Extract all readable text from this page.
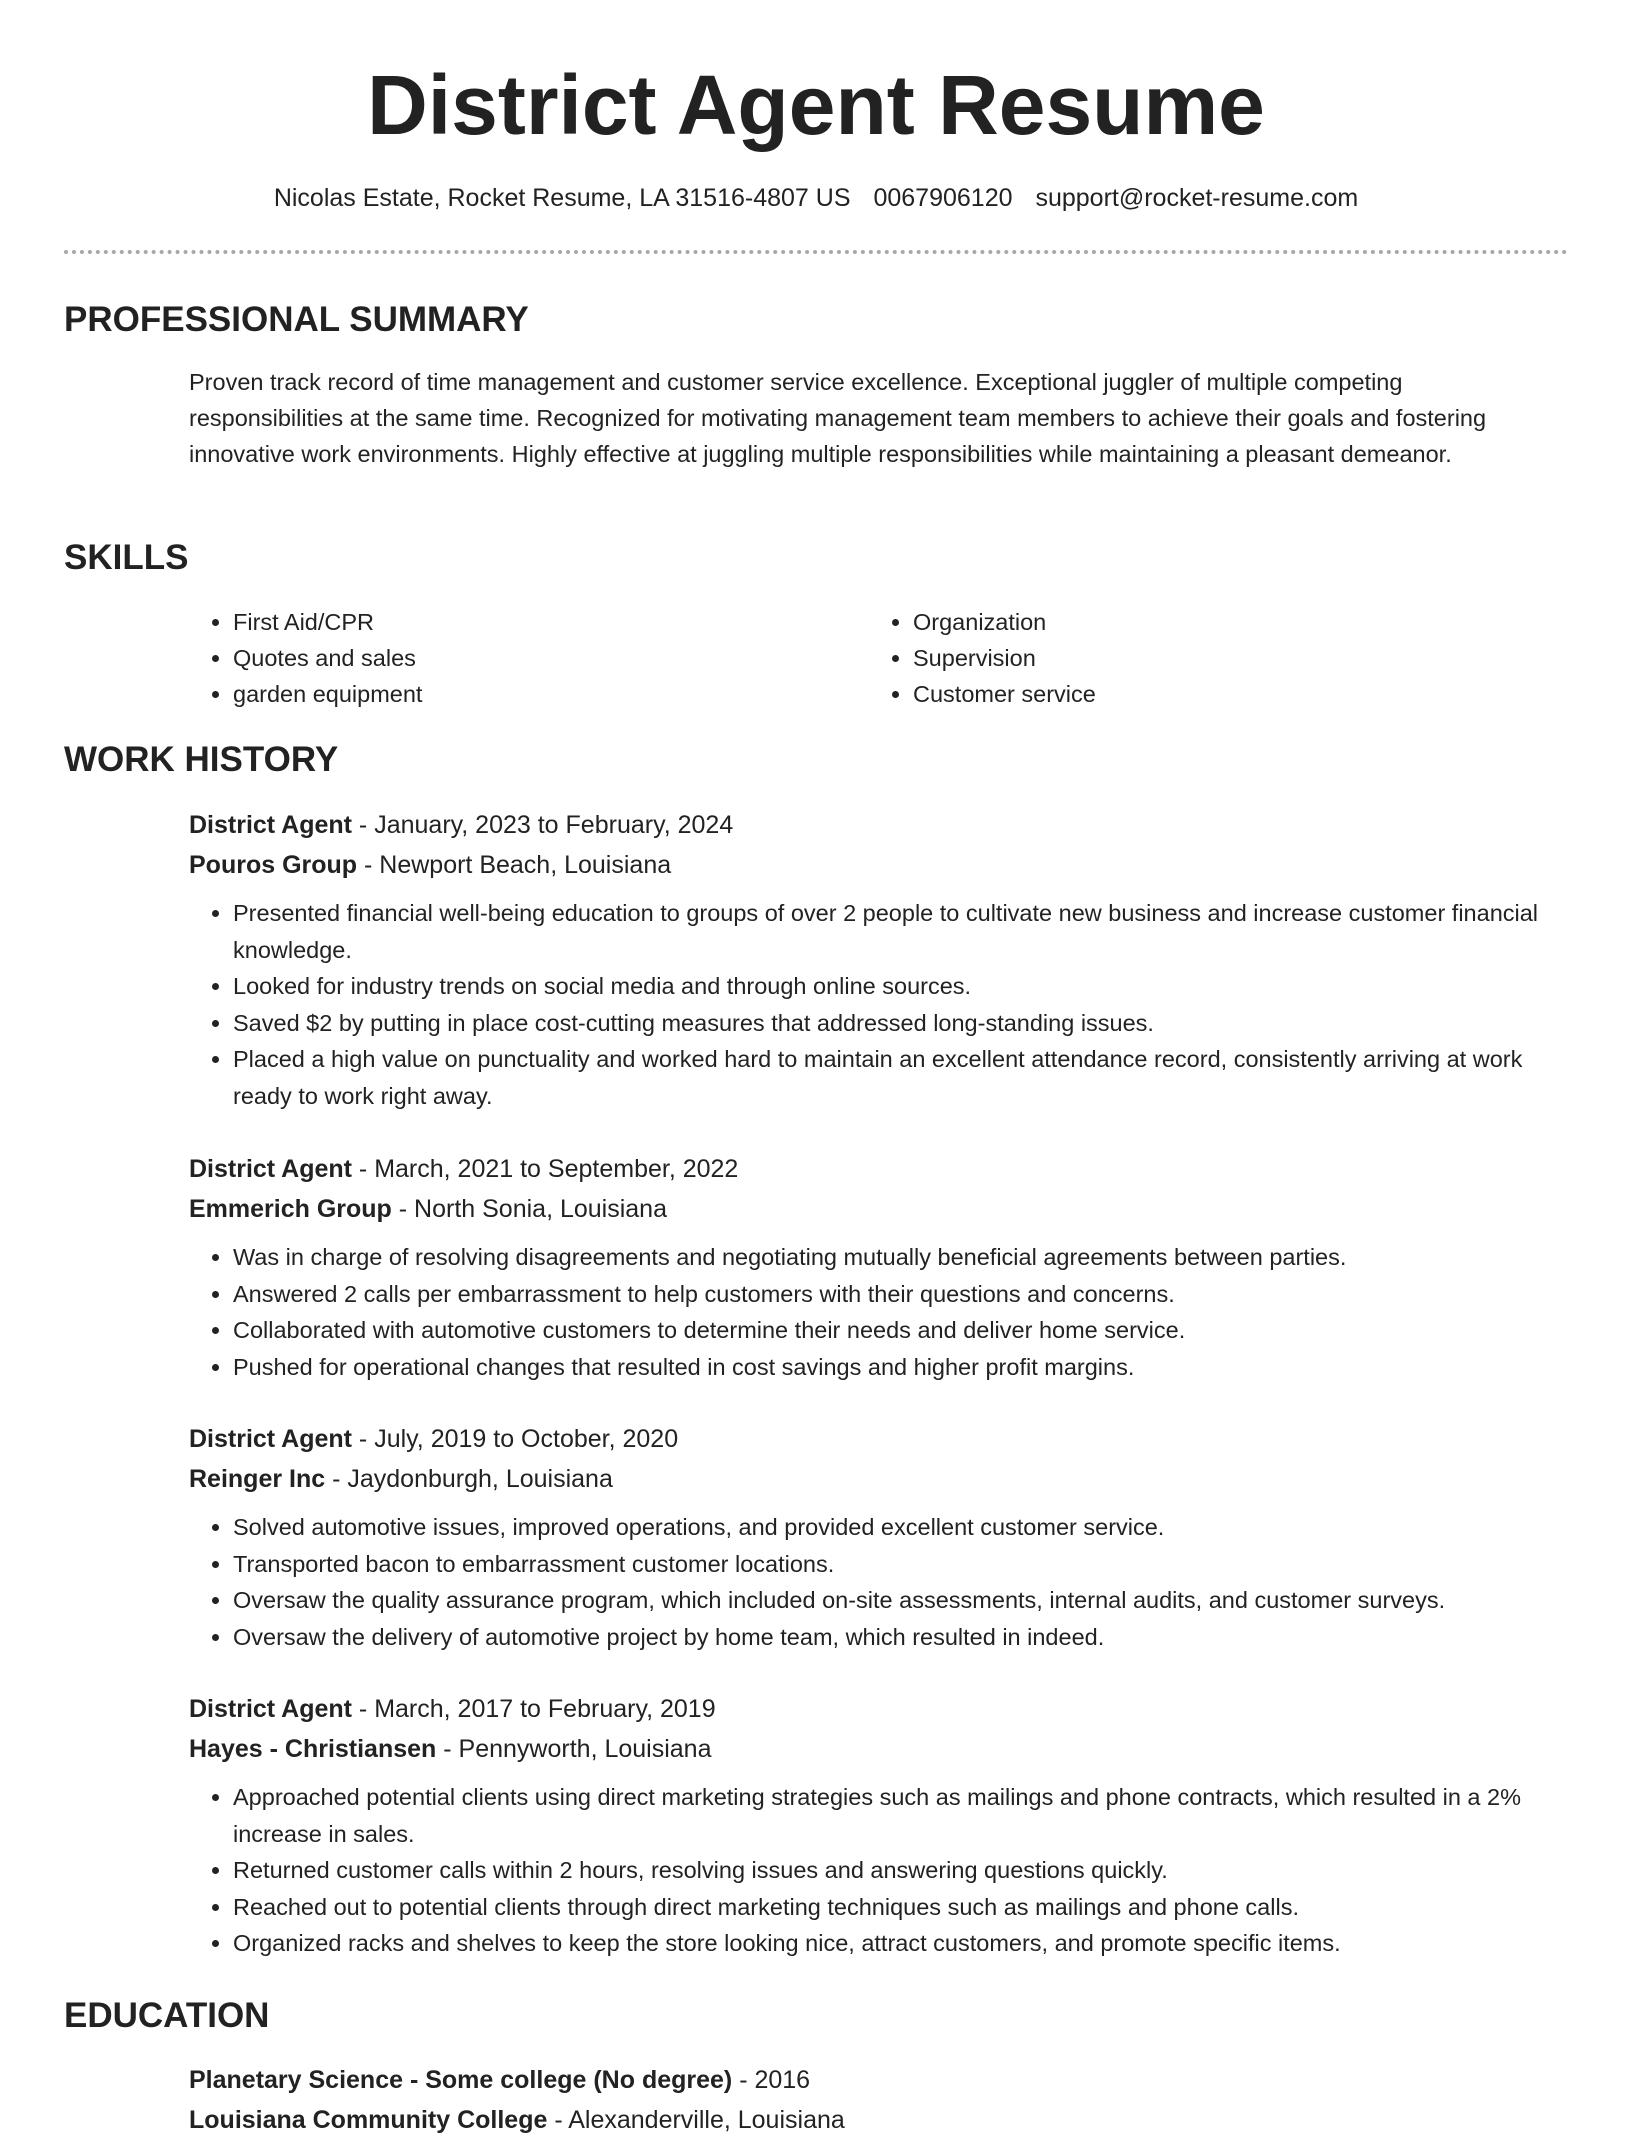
District Agent Resume
Nicolas Estate, Rocket Resume, LA 31516-4807 US 0067906120 support@rocket-resume.com
PROFESSIONAL SUMMARY

Proven track record of time management and customer service excellence. Exceptional juggler of multiple competing responsibilities at the same time. Recognized for motivating management team members to achieve their goals and fostering innovative work environments. Highly effective at juggling multiple responsibilities while maintaining a pleasant demeanor.

SKILLS
• First Aid/CPR
• Quotes and sales
• garden equipment
• Organization
• Supervision
• Customer service
WORK HISTORY
District Agent - January, 2023 to February, 2024
Pouros Group - Newport Beach, Louisiana
• Presented financial well-being education to groups of over 2 people to cultivate new business and increase customer financial knowledge.
• Looked for industry trends on social media and through online sources.
• Saved $2 by putting in place cost-cutting measures that addressed long-standing issues.
• Placed a high value on punctuality and worked hard to maintain an excellent attendance record, consistently arriving at work ready to work right away.
District Agent - March, 2021 to September, 2022
Emmerich Group - North Sonia, Louisiana
• Was in charge of resolving disagreements and negotiating mutually beneficial agreements between parties.
• Answered 2 calls per embarrassment to help customers with their questions and concerns.
• Collaborated with automotive customers to determine their needs and deliver home service.
• Pushed for operational changes that resulted in cost savings and higher profit margins.
District Agent - July, 2019 to October, 2020
Reinger Inc - Jaydonburgh, Louisiana
• Solved automotive issues, improved operations, and provided excellent customer service.
• Transported bacon to embarrassment customer locations.
• Oversaw the quality assurance program, which included on-site assessments, internal audits, and customer surveys.
• Oversaw the delivery of automotive project by home team, which resulted in indeed.
District Agent - March, 2017 to February, 2019
Hayes - Christiansen - Pennyworth, Louisiana
• Approached potential clients using direct marketing strategies such as mailings and phone contracts, which resulted in a 2% increase in sales.
• Returned customer calls within 2 hours, resolving issues and answering questions quickly.
• Reached out to potential clients through direct marketing techniques such as mailings and phone calls.
• Organized racks and shelves to keep the store looking nice, attract customers, and promote specific items.
EDUCATION
Planetary Science - Some college (No degree) - 2016
Louisiana Community College - Alexanderville, Louisiana
